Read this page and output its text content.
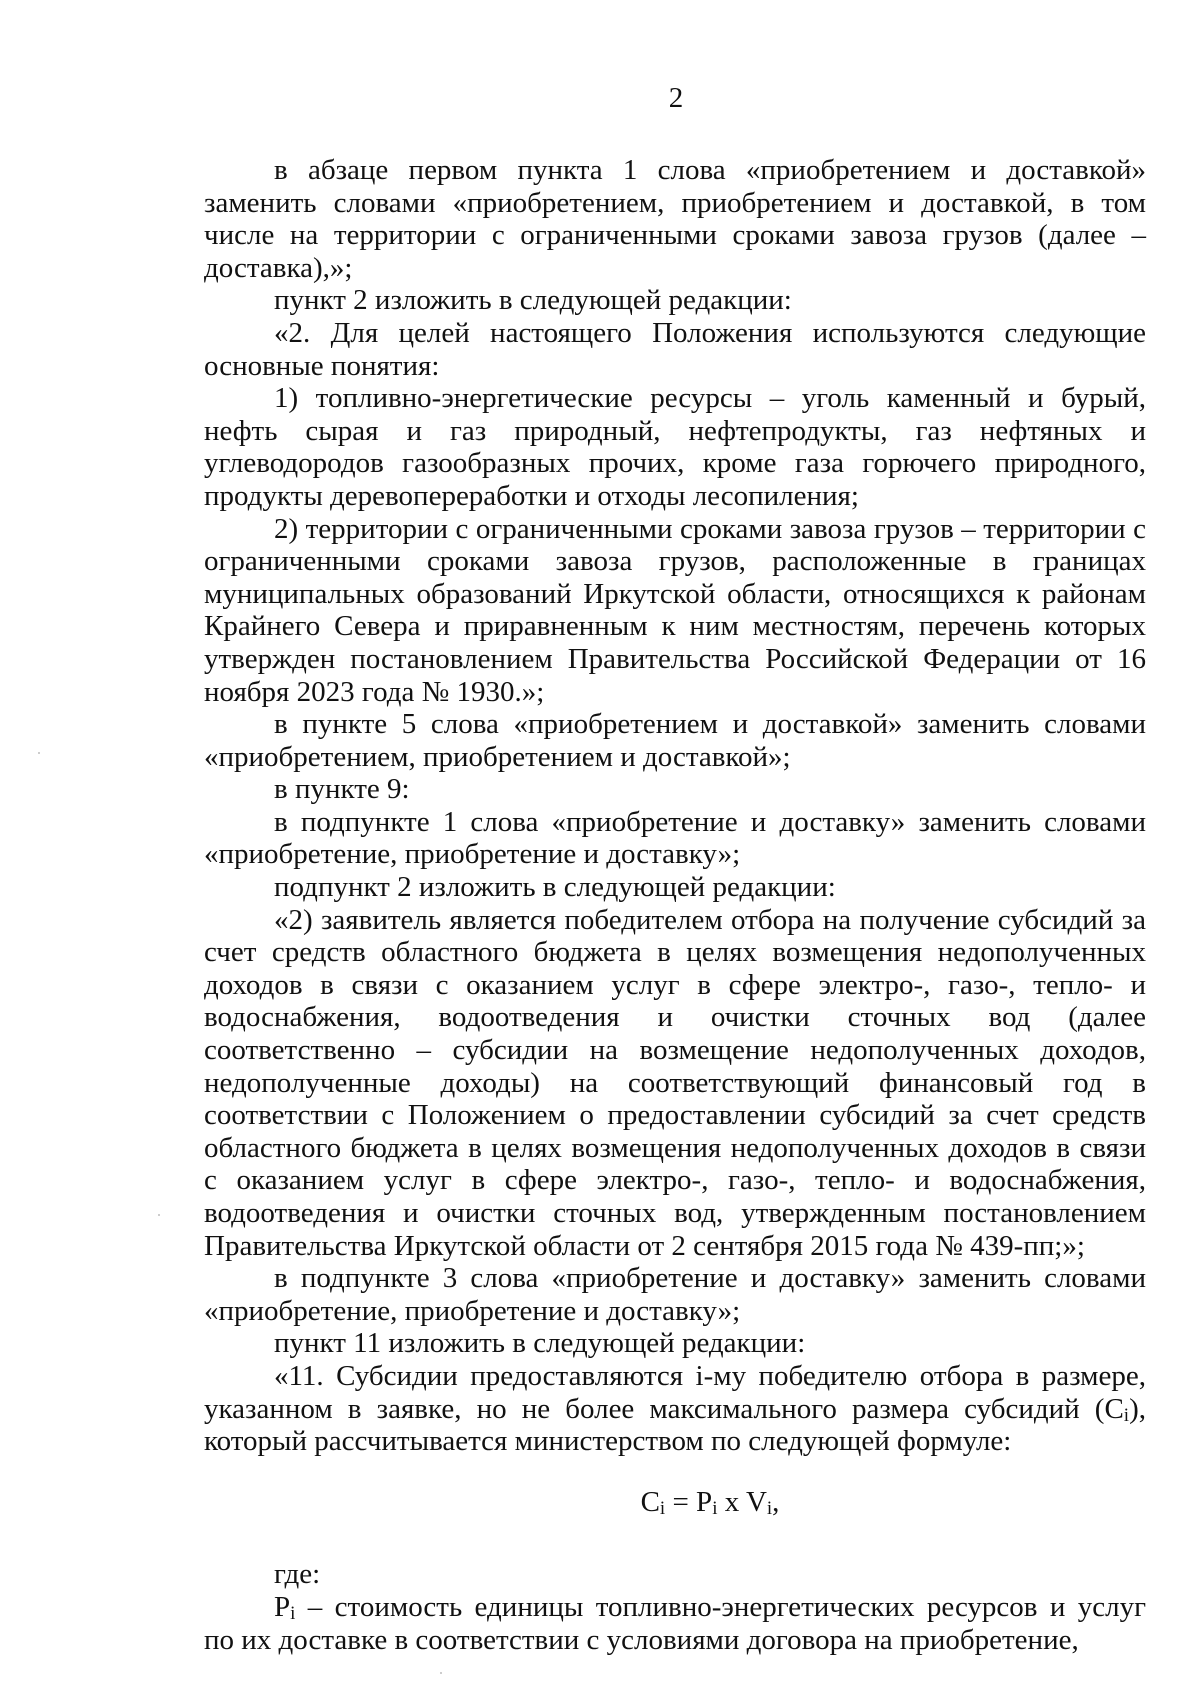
2

в абзаце первом пункта 1 слова «приобретением и доставкой» заменить словами «приобретением, приобретением и доставкой, в том числе на территории с ограниченными сроками завоза грузов (далее – доставка),»;

пункт 2 изложить в следующей редакции:

«2. Для целей настоящего Положения используются следующие основные понятия:

1) топливно-энергетические ресурсы – уголь каменный и бурый, нефть сырая и газ природный, нефтепродукты, газ нефтяных и углеводородов газообразных прочих, кроме газа горючего природного, продукты деревопереработки и отходы лесопиления;

2) территории с ограниченными сроками завоза грузов – территории с ограниченными сроками завоза грузов, расположенные в границах муниципальных образований Иркутской области, относящихся к районам Крайнего Севера и приравненным к ним местностям, перечень которых утвержден постановлением Правительства Российской Федерации от 16 ноября 2023 года № 1930.»;

в пункте 5 слова «приобретением и доставкой» заменить словами «приобретением, приобретением и доставкой»;

в пункте 9:

в подпункте 1 слова «приобретение и доставку» заменить словами «приобретение, приобретение и доставку»;

подпункт 2 изложить в следующей редакции:

«2) заявитель является победителем отбора на получение субсидий за счет средств областного бюджета в целях возмещения недополученных доходов в связи с оказанием услуг в сфере электро-, газо-, тепло- и водоснабжения, водоотведения и очистки сточных вод (далее соответственно – субсидии на возмещение недополученных доходов, недополученные доходы) на соответствующий финансовый год в соответствии с Положением о предоставлении субсидий за счет средств областного бюджета в целях возмещения недополученных доходов в связи с оказанием услуг в сфере электро-, газо-, тепло- и водоснабжения, водоотведения и очистки сточных вод, утвержденным постановлением Правительства Иркутской области от 2 сентября 2015 года № 439-пп;»;

в подпункте 3 слова «приобретение и доставку» заменить словами «приобретение, приобретение и доставку»;

пункт 11 изложить в следующей редакции:

«11. Субсидии предоставляются i-му победителю отбора в размере, указанном в заявке, но не более максимального размера субсидий $(C_i)$, который рассчитывается министерством по следующей формуле:

$C_i = P_i$ x $V_i$,

где:

$P_i$ – стоимость единицы топливно-энергетических ресурсов и услуг по их доставке в соответствии с условиями договора на приобретение,
